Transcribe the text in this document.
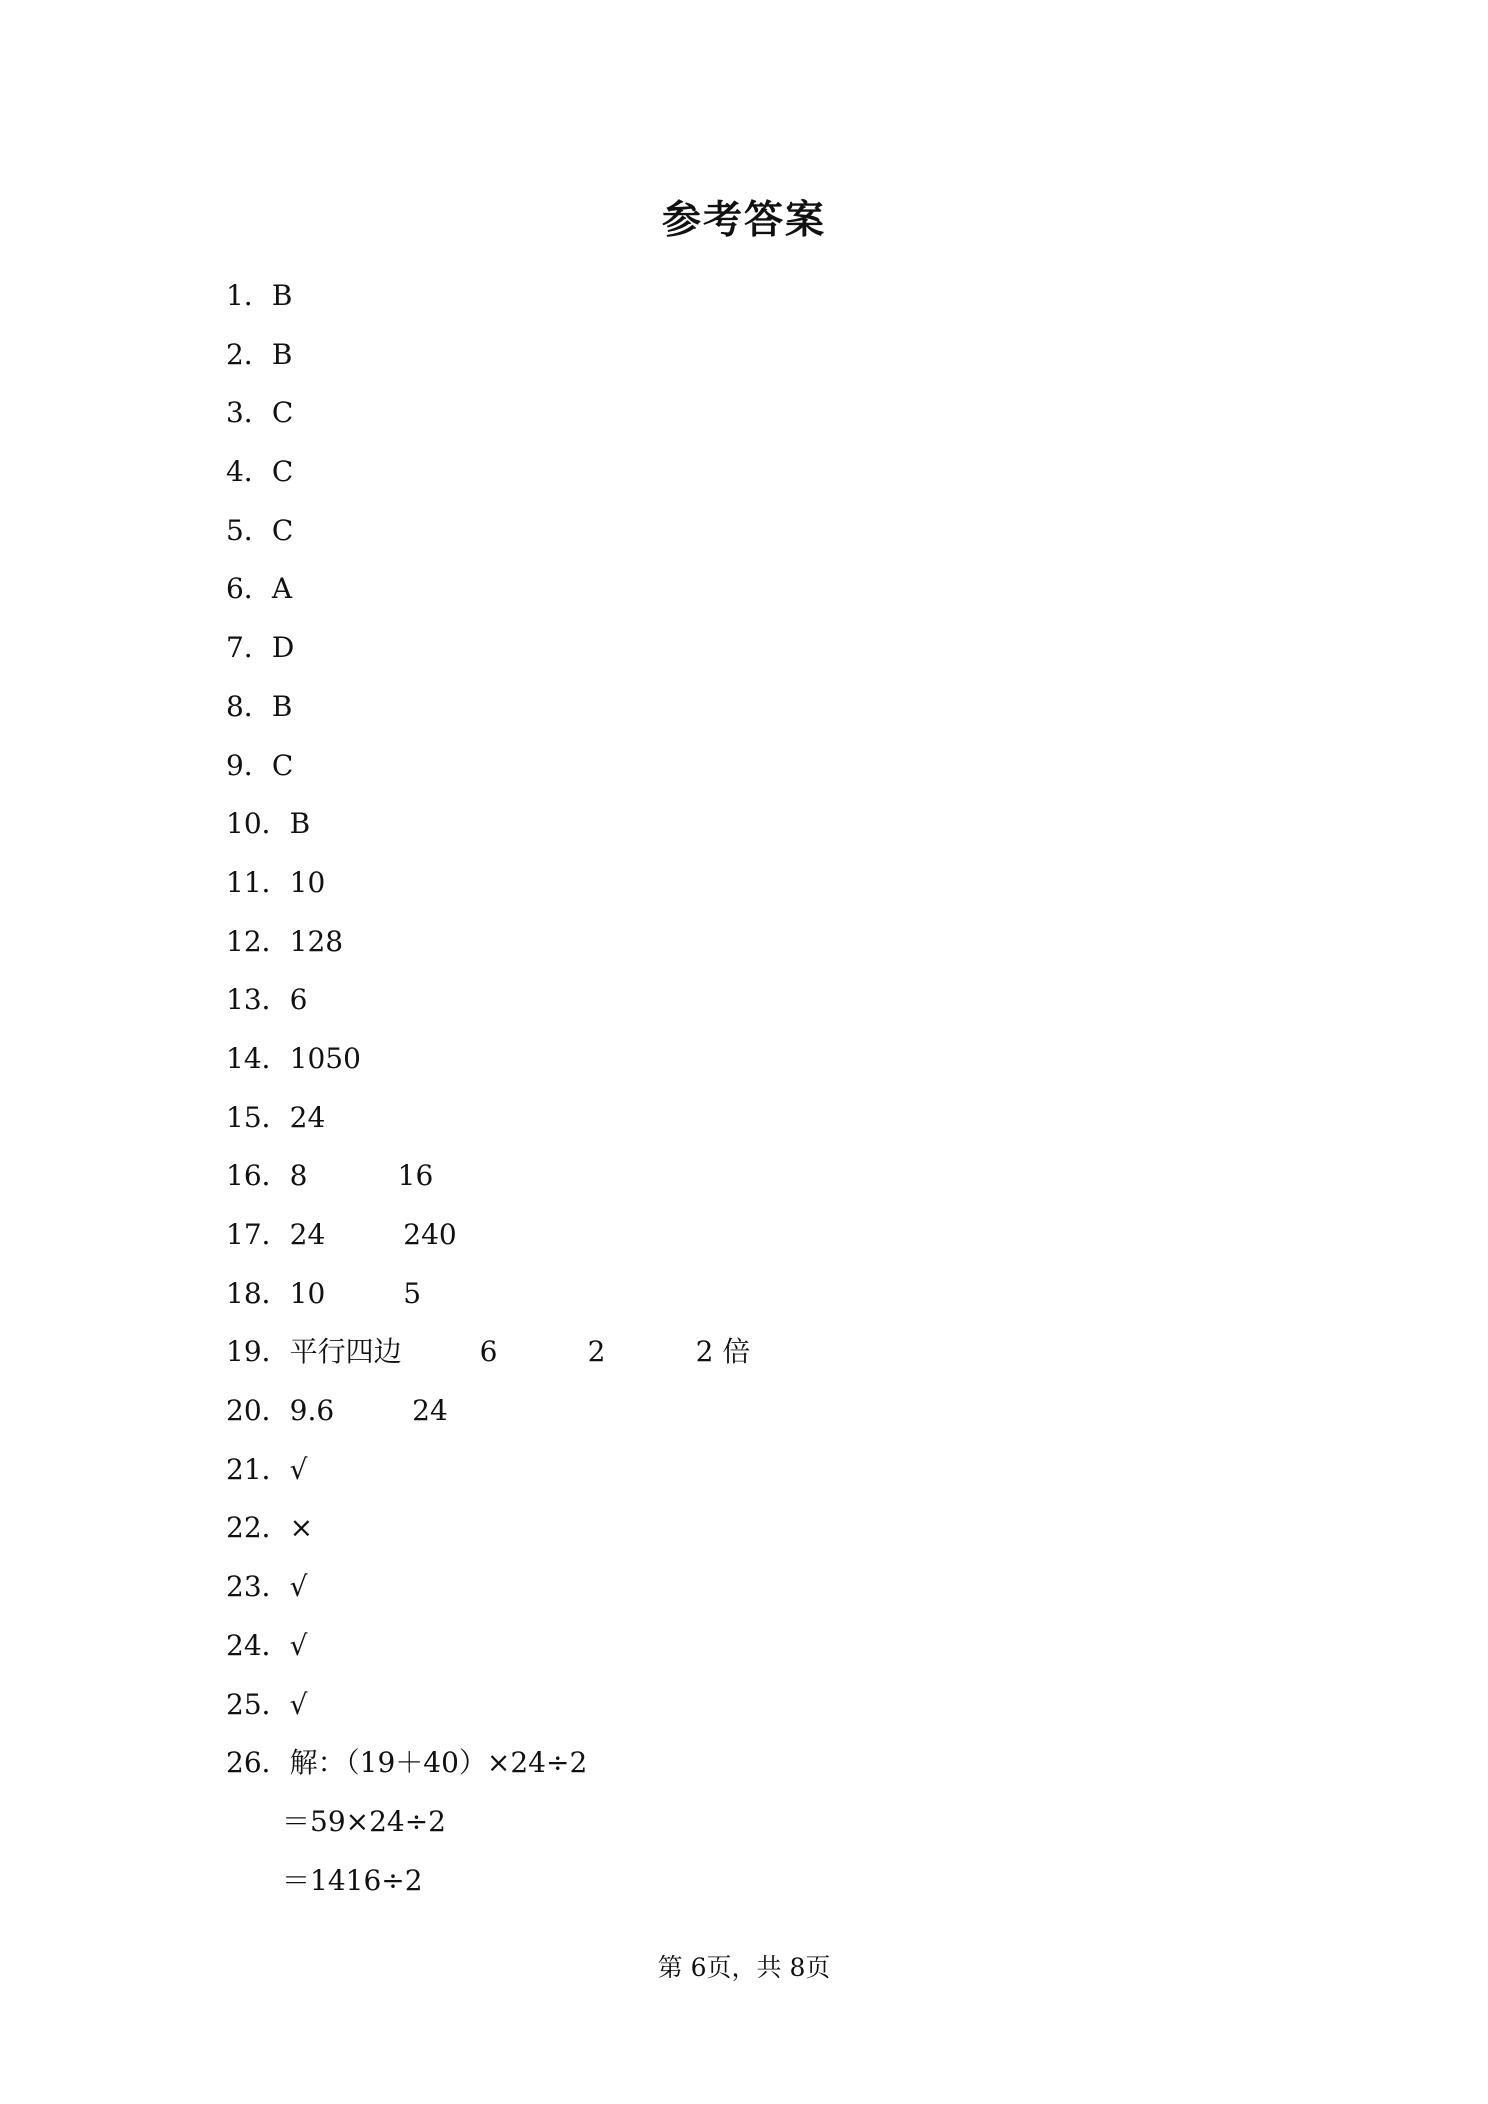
参考答案
1．B
2．B
3．C
4．C
5．C
6．A
7．D
8．B
9．C
10．B
11．10
12．128
13．6
14．1050
15．24
16．8	16
17．24	240
18．10	5
19．平行四边	6	2	2 倍
20．9.6	24
21．√
22．×
23．√
24．√
25．√
26．解：（19＋40）×24÷2
＝59×24÷2
＝1416÷2
第 6页，共 8页
